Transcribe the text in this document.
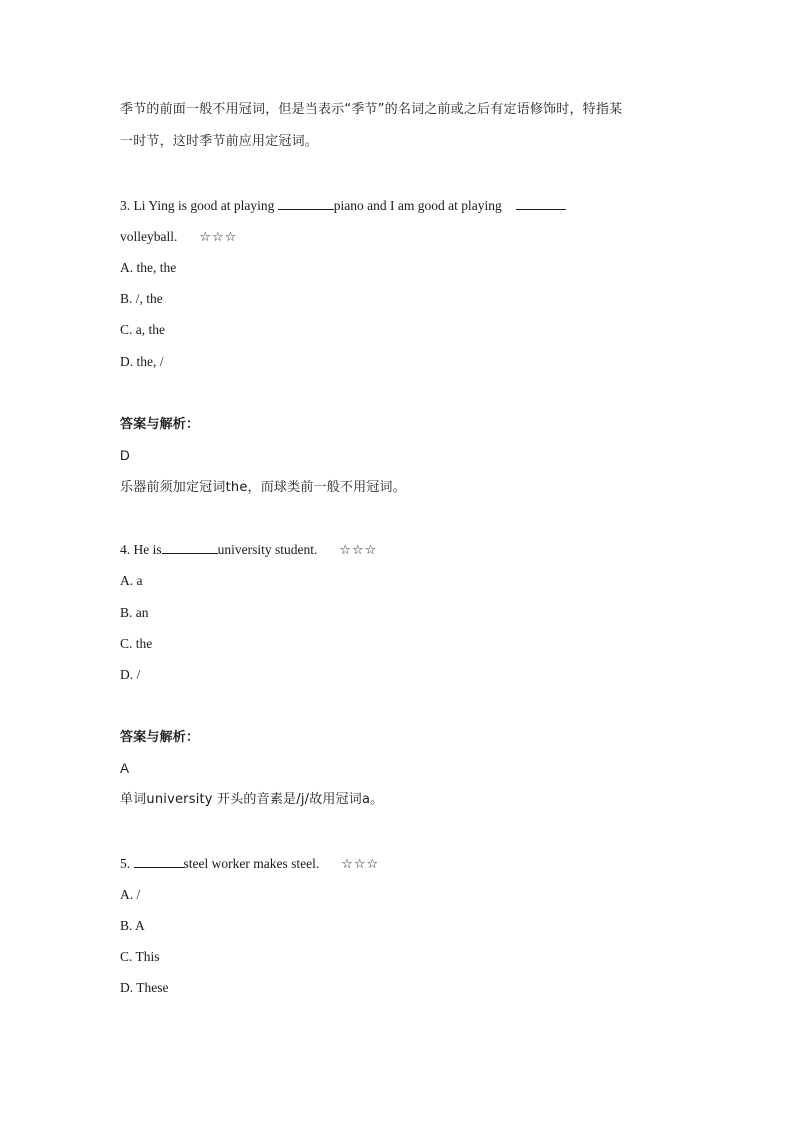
季节的前面一般不用冠词，但是当表示“季节”的名词之前或之后有定语修饰时，特指某
一时节，这时季节前应用定冠词。
3. Li Ying is good at playing	piano and I am good at playing
volleyball. ☆☆☆
A. the, the
B. /, the
C. a, the
D. the, /
答案与解析：
D
乐器前须加定冠词the，而球类前一般不用冠词。
4. He is	university student. ☆☆☆
A. a
B. an
C. the
D. /
答案与解析：
A
单词university 开头的音素是/j/故用冠词a。
5.	steel worker makes steel. ☆☆☆
A. /
B. A
C. This
D. These
